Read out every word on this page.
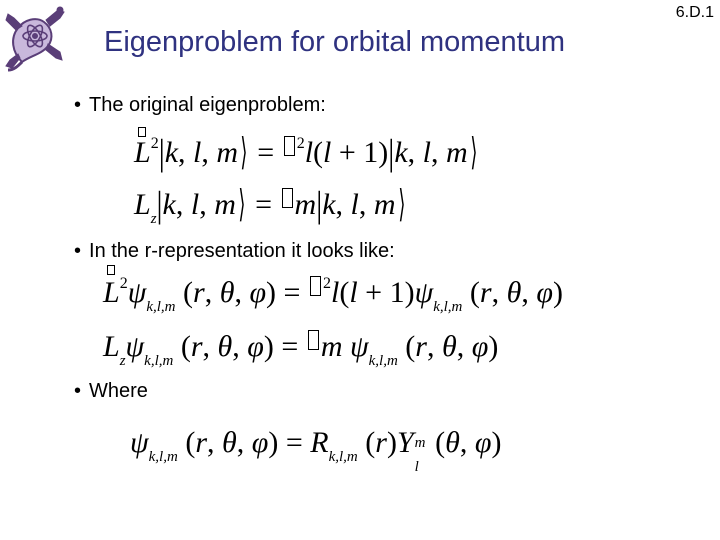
6.D.1
Eigenproblem for orbital momentum
• The original eigenproblem:
$L^2|k$, l, m⟩ = $^2$l(l + 1)|k, l, m⟩
$L_z|k$, l, m⟩ = m|k, l, m⟩
• In the r-representation it looks like:
$L^2\psi_{k,l,m}$ (r, θ, $\varphi) = ^2l(l + 1)\psi_{k,l,m}$ (r, θ, φ)
$L_z\psi_{k,l,m}$ (r, θ, φ) = m $\psi_{k,l,m}$ (r, θ, φ)
• Where
$\psi_{k,l,m}$ (r, θ, $\varphi) = R_{k,l,m}$ (r)Y m
l
(θ, φ)
